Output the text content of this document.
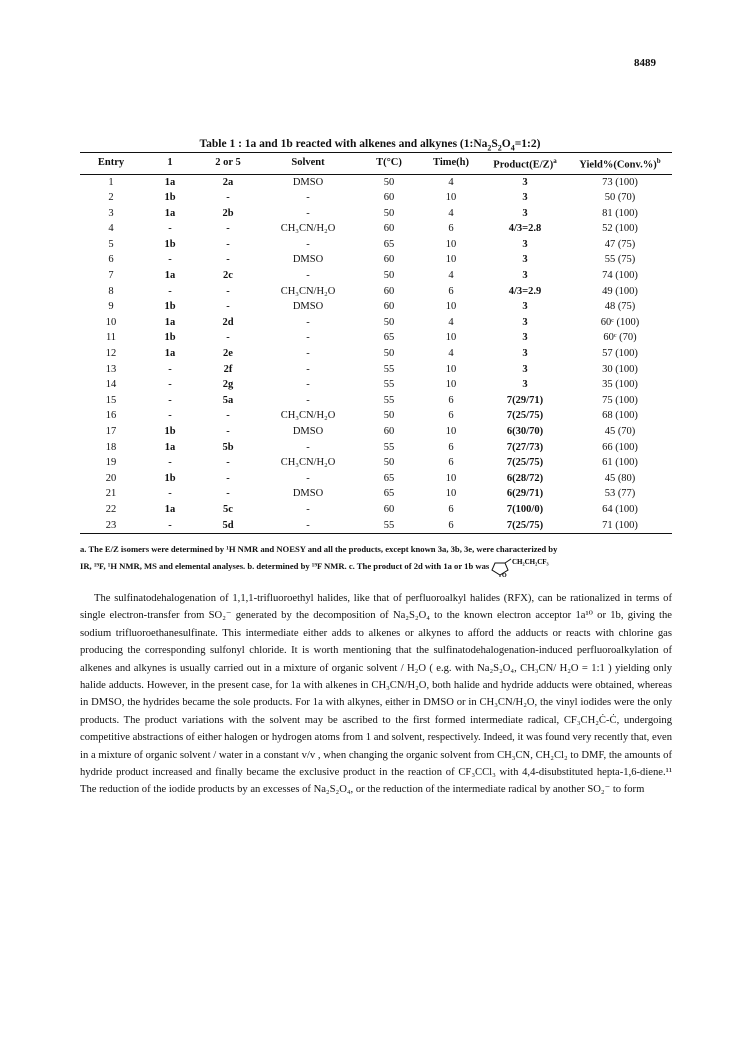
8489
Table 1 : 1a and 1b reacted with alkenes and alkynes $(1:Na_2S_2O_4=1:2)$
Entry	1	2 or 5	Solvent	T(°C)	Time(h)	$Product(E/Z)^a$	Yield%(Conv.%)$^b$
1	1a	2a	DMSO	50	4	3	73 (100)
2	1b	-	-	60	10	3	50 (70)
3	1a	2b	-	50	4	3	81 (100)
4	-	-	CH₃CN/H₂O	60	6	4/3=2.8	52 (100)
5	1b	-	-	65	10	3	47 (75)
6	-	-	DMSO	60	10	3	55 (75)
7	1a	2c	-	50	4	3	74 (100)
8	-	-	CH₃CN/H₂O	60	6	4/3=2.9	49 (100)
9	1b	-	DMSO	60	10	3	48 (75)
10	1a	2d	-	50	4	3	60ᶜ (100)
11	1b	-	-	65	10	3	60ᶜ (70)
12	1a	2e	-	50	4	3	57 (100)
13	-	2f	-	55	10	3	30 (100)
14	-	2g	-	55	10	3	35 (100)
15	-	5a	-	55	6	7(29/71)	75 (100)
16	-	-	CH₃CN/H₂O	50	6	7(25/75)	68 (100)
17	1b	-	DMSO	60	10	6(30/70)	45 (70)
18	1a	5b	-	55	6	7(27/73)	66 (100)
19	-	-	CH₃CN/H₂O	50	6	7(25/75)	61 (100)
20	1b	-	-	65	10	6(28/72)	45 (80)
21	-	-	DMSO	65	10	6(29/71)	53 (77)
22	1a	5c	-	60	6	7(100/0)	64 (100)
23	-	5d	-	55	6	7(25/75)	71 (100)
a. The E/Z isomers were determined by ¹H NMR and NOESY and all the products, except known 3a, 3b, 3e, were characterized by
IR, ¹⁹F, ¹H NMR, MS and elemental analyses. b. determined by ¹⁹F NMR. c. The product of 2d with 1a or 1b was	CH₂CH₂CF₃
O

The sulfinatodehalogenation of 1,1,1-trifluoroethyl halides, like that of perfluoroalkyl halides (RFX), can be rationalized in terms of single electron-transfer from SO₂⁻ generated by the decomposition of Na₂S₂O₄ to the known electron acceptor 1a¹⁰ or 1b, giving the sodium trifluoroethanesulfinate. This intermediate either adds to alkenes or alkynes to afford the adducts or reacts with chlorine gas producing the corresponding sulfonyl chloride. It is worth mentioning that the sulfinatodehalogenation-induced perfluoroalkylation of alkenes and alkynes is usually carried out in a mixture of organic solvent / H₂O ( e.g. with Na₂S₂O₄, CH₃CN/ H₂O = 1:1 ) yielding only halide adducts. However, in the present case, for 1a with alkenes in CH₃CN/H₂O, both halide and hydride adducts were obtained, whereas in DMSO, the hydrides became the sole products. For 1a with alkynes, either in DMSO or in CH₃CN/H₂O, the vinyl iodides were the only products. The product variations with the solvent may be ascribed to the first formed intermediate radical, CF₃CH₂Ċ-Ċ, undergoing competitive abstractions of either halogen or hydrogen atoms from 1 and solvent, respectively. Indeed, it was found very recently that, even in a mixture of organic solvent / water in a constant v/v , when changing the organic solvent from CH₃CN, CH₂Cl₂ to DMF, the amounts of hydride product increased and finally became the exclusive product in the reaction of CF₃CCl₃ with 4,4-disubstituted hepta-1,6-diene.¹¹ The reduction of the iodide products by an excesses of Na₂S₂O₄, or the reduction of the intermediate radical by another SO₂⁻ to form
